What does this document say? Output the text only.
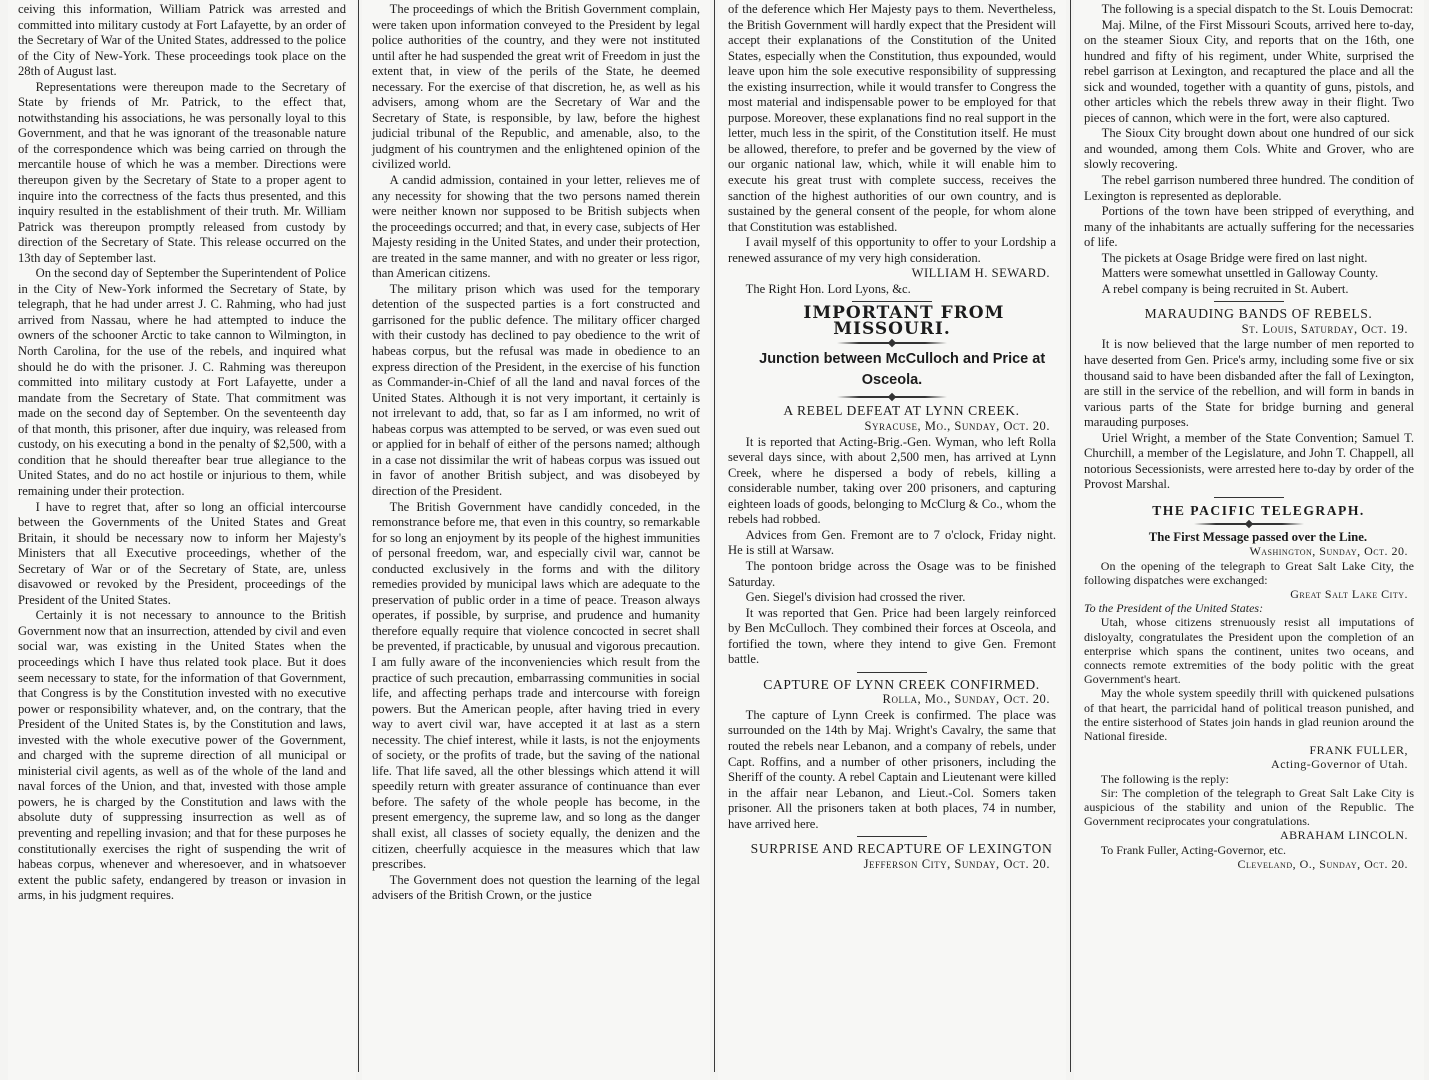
ceiving this information, William Patrick was arrested and committed into military custody at Fort Lafayette, by an order of the Secretary of War of the United States, addressed to the police of the City of New-York. These proceedings took place on the 28th of August last.

Representations were thereupon made to the Secretary of State by friends of Mr. Patrick, to the effect that, notwithstanding his associations, he was personally loyal to this Government, and that he was ignorant of the treasonable nature of the correspondence which was being carried on through the mercantile house of which he was a member. Directions were thereupon given by the Secretary of State to a proper agent to inquire into the correctness of the facts thus presented, and this inquiry resulted in the establishment of their truth. Mr. William Patrick was thereupon promptly released from custody by direction of the Secretary of State. This release occurred on the 13th day of September last.

On the second day of September the Superintendent of Police in the City of New-York informed the Secretary of State, by telegraph, that he had under arrest J. C. Rahming, who had just arrived from Nassau, where he had attempted to induce the owners of the schooner Arctic to take cannon to Wilmington, in North Carolina, for the use of the rebels, and inquired what should he do with the prisoner. J. C. Rahming was thereupon committed into military custody at Fort Lafayette, under a mandate from the Secretary of State. That commitment was made on the second day of September. On the seventeenth day of that month, this prisoner, after due inquiry, was released from custody, on his executing a bond in the penalty of $2,500, with a condition that he should thereafter bear true allegiance to the United States, and do no act hostile or injurious to them, while remaining under their protection.

I have to regret that, after so long an official intercourse between the Governments of the United States and Great Britain, it should be necessary now to inform her Majesty's Ministers that all Executive proceedings, whether of the Secretary of War or of the Secretary of State, are, unless disavowed or revoked by the President, proceedings of the President of the United States.

Certainly it is not necessary to announce to the British Government now that an insurrection, attended by civil and even social war, was existing in the United States when the proceedings which I have thus related took place. But it does seem necessary to state, for the information of that Government, that Congress is by the Constitution invested with no executive power or responsibility whatever, and, on the contrary, that the President of the United States is, by the Constitution and laws, invested with the whole executive power of the Government, and charged with the supreme direction of all municipal or ministerial civil agents, as well as of the whole of the land and naval forces of the Union, and that, invested with those ample powers, he is charged by the Constitution and laws with the absolute duty of suppressing insurrection as well as of preventing and repelling invasion; and that for these purposes he constitutionally exercises the right of suspending the writ of habeas corpus, whenever and wheresoever, and in whatsoever extent the public safety, endangered by treason or invasion in arms, in his judgment requires.

The proceedings of which the British Government complain, were taken upon information conveyed to the President by legal police authorities of the country, and they were not instituted until after he had suspended the great writ of Freedom in just the extent that, in view of the perils of the State, he deemed necessary. For the exercise of that discretion, he, as well as his advisers, among whom are the Secretary of War and the Secretary of State, is responsible, by law, before the highest judicial tribunal of the Republic, and amenable, also, to the judgment of his countrymen and the enlightened opinion of the civilized world.

A candid admission, contained in your letter, relieves me of any necessity for showing that the two persons named therein were neither known nor supposed to be British subjects when the proceedings occurred; and that, in every case, subjects of Her Majesty residing in the United States, and under their protection, are treated in the same manner, and with no greater or less rigor, than American citizens.

The military prison which was used for the temporary detention of the suspected parties is a fort constructed and garrisoned for the public defence. The military officer charged with their custody has declined to pay obedience to the writ of habeas corpus, but the refusal was made in obedience to an express direction of the President, in the exercise of his function as Commander-in-Chief of all the land and naval forces of the United States. Although it is not very important, it certainly is not irrelevant to add, that, so far as I am informed, no writ of habeas corpus was attempted to be served, or was even sued out or applied for in behalf of either of the persons named; although in a case not dissimilar the writ of habeas corpus was issued out in favor of another British subject, and was disobeyed by direction of the President.

The British Government have candidly conceded, in the remonstrance before me, that even in this country, so remarkable for so long an enjoyment by its people of the highest immunities of personal freedom, war, and especially civil war, cannot be conducted exclusively in the forms and with the dilitory remedies provided by municipal laws which are adequate to the preservation of public order in a time of peace. Treason always operates, if possible, by surprise, and prudence and humanity therefore equally require that violence concocted in secret shall be prevented, if practicable, by unusual and vigorous precaution. I am fully aware of the inconveniencies which result from the practice of such precaution, embarrassing communities in social life, and affecting perhaps trade and intercourse with foreign powers. But the American people, after having tried in every way to avert civil war, have accepted it at last as a stern necessity. The chief interest, while it lasts, is not the enjoyments of society, or the profits of trade, but the saving of the national life. That life saved, all the other blessings which attend it will speedily return with greater assurance of continuance than ever before. The safety of the whole people has become, in the present emergency, the supreme law, and so long as the danger shall exist, all classes of society equally, the denizen and the citizen, cheerfully acquiesce in the measures which that law prescribes.

The Government does not question the learning of the legal advisers of the British Crown, or the justice

of the deference which Her Majesty pays to them. Nevertheless, the British Government will hardly expect that the President will accept their explanations of the Constitution of the United States, especially when the Constitution, thus expounded, would leave upon him the sole executive responsibility of suppressing the existing insurrection, while it would transfer to Congress the most material and indispensable power to be employed for that purpose. Moreover, these explanations find no real support in the letter, much less in the spirit, of the Constitution itself. He must be allowed, therefore, to prefer and be governed by the view of our organic national law, which, while it will enable him to execute his great trust with complete success, receives the sanction of the highest authorities of our own country, and is sustained by the general consent of the people, for whom alone that Constitution was established.

I avail myself of this opportunity to offer to your Lordship a renewed assurance of my very high consideration.

WILLIAM H. SEWARD.

The Right Hon. Lord Lyons, &c.

IMPORTANT FROM MISSOURI.

Junction between McCulloch and Price at Osceola.

A REBEL DEFEAT AT LYNN CREEK.

Syracuse, Mo., Sunday, Oct. 20.

It is reported that Acting-Brig.-Gen. Wyman, who left Rolla several days since, with about 2,500 men, has arrived at Lynn Creek, where he dispersed a body of rebels, killing a considerable number, taking over 200 prisoners, and capturing eighteen loads of goods, belonging to McClurg & Co., whom the rebels had robbed.

Advices from Gen. Fremont are to 7 o'clock, Friday night. He is still at Warsaw.

The pontoon bridge across the Osage was to be finished Saturday.

Gen. Siegel's division had crossed the river.

It was reported that Gen. Price had been largely reinforced by Ben McCulloch. They combined their forces at Osceola, and fortified the town, where they intend to give Gen. Fremont battle.

CAPTURE OF LYNN CREEK CONFIRMED.

Rolla, Mo., Sunday, Oct. 20.

The capture of Lynn Creek is confirmed. The place was surrounded on the 14th by Maj. Wright's Cavalry, the same that routed the rebels near Lebanon, and a company of rebels, under Capt. Roffins, and a number of other prisoners, including the Sheriff of the county. A rebel Captain and Lieutenant were killed in the affair near Lebanon, and Lieut.-Col. Somers taken prisoner. All the prisoners taken at both places, 74 in number, have arrived here.

SURPRISE AND RECAPTURE OF LEXINGTON

Jefferson City, Sunday, Oct. 20.

The following is a special dispatch to the St. Louis Democrat:

Maj. Milne, of the First Missouri Scouts, arrived here to-day, on the steamer Sioux City, and reports that on the 16th, one hundred and fifty of his regiment, under White, surprised the rebel garrison at Lexington, and recaptured the place and all the sick and wounded, together with a quantity of guns, pistols, and other articles which the rebels threw away in their flight. Two pieces of cannon, which were in the fort, were also captured.

The Sioux City brought down about one hundred of our sick and wounded, among them Cols. White and Grover, who are slowly recovering.

The rebel garrison numbered three hundred. The condition of Lexington is represented as deplorable.

Portions of the town have been stripped of everything, and many of the inhabitants are actually suffering for the necessaries of life.

The pickets at Osage Bridge were fired on last night.

Matters were somewhat unsettled in Galloway County.

A rebel company is being recruited in St. Aubert.

MARAUDING BANDS OF REBELS.

St. Louis, Saturday, Oct. 19.

It is now believed that the large number of men reported to have deserted from Gen. Price's army, including some five or six thousand said to have been disbanded after the fall of Lexington, are still in the service of the rebellion, and will form in bands in various parts of the State for bridge burning and general marauding purposes.

Uriel Wright, a member of the State Convention; Samuel T. Churchill, a member of the Legislature, and John T. Chappell, all notorious Secessionists, were arrested here to-day by order of the Provost Marshal.

THE PACIFIC TELEGRAPH.

The First Message passed over the Line.

Washington, Sunday, Oct. 20.

On the opening of the telegraph to Great Salt Lake City, the following dispatches were exchanged:

Great Salt Lake City.

To the President of the United States:

Utah, whose citizens strenuously resist all imputations of disloyalty, congratulates the President upon the completion of an enterprise which spans the continent, unites two oceans, and connects remote extremities of the body politic with the great Government's heart.

May the whole system speedily thrill with quickened pulsations of that heart, the parricidal hand of political treason punished, and the entire sisterhood of States join hands in glad reunion around the National fireside.

FRANK FULLER,

Acting-Governor of Utah.

The following is the reply:

Sir: The completion of the telegraph to Great Salt Lake City is auspicious of the stability and union of the Republic. The Government reciprocates your congratulations.

ABRAHAM LINCOLN.

To Frank Fuller, Acting-Governor, etc.

Cleveland, O., Sunday, Oct. 20.
